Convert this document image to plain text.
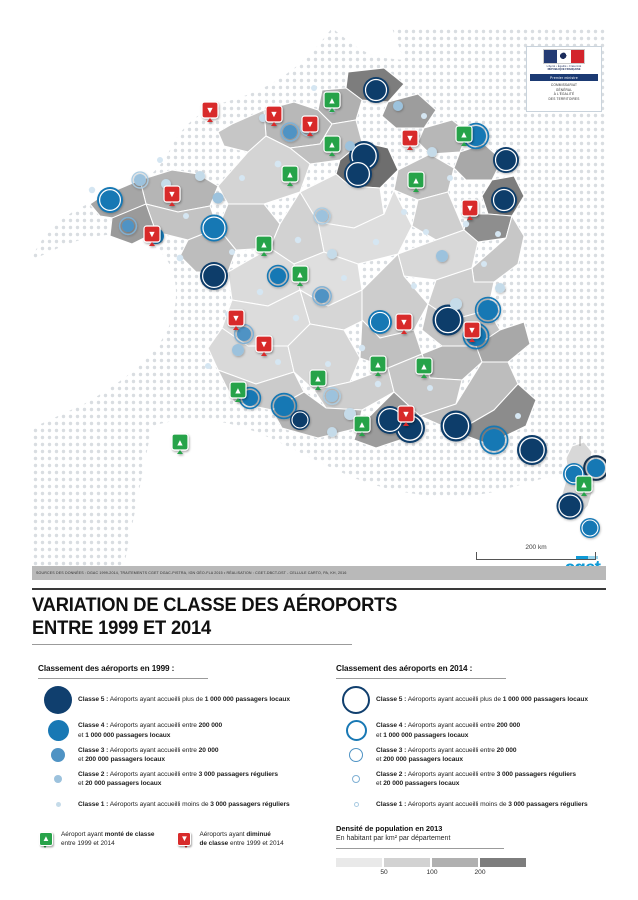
▼	▼
▼
▼
▼
▼
▼
▼
▼
▼
▼
▼
▲
▲
▲
▲
▲
▲
▲
▲
▲	▲
▲
▲
▲
▲
Liberté • Égalité • Fraternité
RÉPUBLIQUE FRANÇAISE
Premier ministre
COMMISSARIAT
GÉNÉRAL
À L'ÉGALITÉ
DES TERRITOIRES
200 km
SOURCES DES DONNÉES : DGAC 1999-2014, TRAITEMENTS CGET DGAC-PISTRA, IGN GÉO-FLA 2015 • RÉALISATION : CGET-DBCT-DST - CELLULE CARTO, PA, KH, 2016
VARIATION DE CLASSE DES AÉROPORTS
ENTRE 1999 ET 2014
Classement des aéroports en 1999 :
Classe 5 : Aéroports ayant accueilli plus de 1 000 000 passagers locaux
Classe 4 : Aéroports ayant accueilli entre 200 000
et 1 000 000 passagers locaux
Classe 3 : Aéroports ayant accueilli entre 20 000
et 200 000 passagers locaux
Classe 2 : Aéroports ayant accueilli entre 3 000 passagers réguliers
et 20 000 passagers locaux
Classe 1 : Aéroports ayant accueilli moins de 3 000 passagers réguliers
Classement des aéroports en 2014 :
Classe 5 : Aéroports ayant accueilli plus de 1 000 000 passagers locaux
Classe 4 : Aéroports ayant accueilli entre 200 000
et 1 000 000 passagers locaux
Classe 3 : Aéroports ayant accueilli entre 20 000
et 200 000 passagers locaux
Classe 2 : Aéroports ayant accueilli entre 3 000 passagers réguliers
et 20 000 passagers locaux
Classe 1 : Aéroports ayant accueilli moins de 3 000 passagers réguliers
▲	Aéroport ayant monté de classe
entre 1999 et 2014
▼	Aéroports ayant diminué
de classe entre 1999 et 2014
Densité de population en 2013
En habitant par km² par département
50	100	200
